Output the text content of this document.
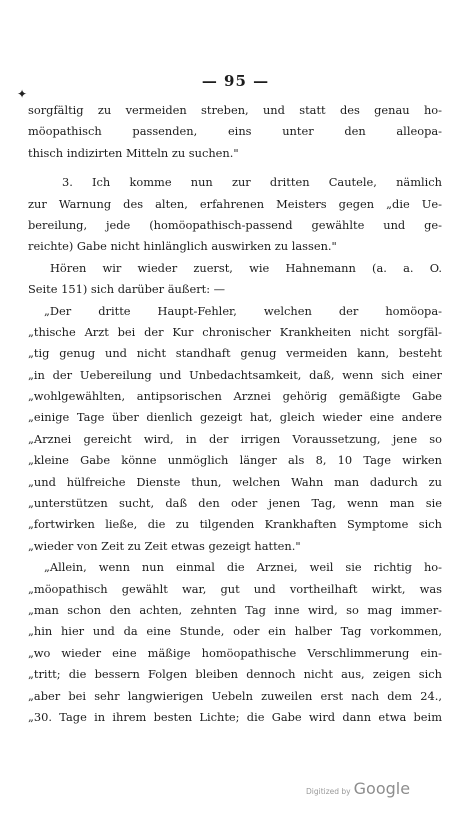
✦
— 95 —
sorgfältig zu vermeiden streben, und statt des genau ho-
möopathisch passenden, eins unter den alleopa-
thisch indizirten Mitteln zu suchen."
3. Ich komme nun zur dritten Cautele, nämlich
zur Warnung des alten, erfahrenen Meisters gegen „die Ue-
bereilung, jede (homöopathisch-passend gewählte und ge-
reichte) Gabe nicht hinlänglich auswirken zu lassen."
Hören wir wieder zuerst, wie Hahnemann (a. a. O.
Seite 151) sich darüber äußert: —
„Der dritte Haupt-Fehler, welchen der homöopa-
„thische Arzt bei der Kur chronischer Krankheiten nicht sorgfäl-
„tig genug und nicht standhaft genug vermeiden kann, besteht
„in der Uebereilung und Unbedachtsamkeit, daß, wenn sich einer
„wohlgewählten, antipsorischen Arznei gehörig gemäßigte Gabe
„einige Tage über dienlich gezeigt hat, gleich wieder eine andere
„Arznei gereicht wird, in der irrigen Voraussetzung, jene so
„kleine Gabe könne unmöglich länger als 8, 10 Tage wirken
„und hülfreiche Dienste thun, welchen Wahn man dadurch zu
„unterstützen sucht, daß den oder jenen Tag, wenn man sie
„fortwirken ließe, die zu tilgenden Krankhaften Symptome sich
„wieder von Zeit zu Zeit etwas gezeigt hatten."
„Allein, wenn nun einmal die Arznei, weil sie richtig ho-
„möopathisch gewählt war, gut und vortheilhaft wirkt, was
„man schon den achten, zehnten Tag inne wird, so mag immer-
„hin hier und da eine Stunde, oder ein halber Tag vorkommen,
„wo wieder eine mäßige homöopathische Verschlimmerung ein-
„tritt; die bessern Folgen bleiben dennoch nicht aus, zeigen sich
„aber bei sehr langwierigen Uebeln zuweilen erst nach dem 24.,
„30. Tage in ihrem besten Lichte; die Gabe wird dann etwa beim
Digitized by Google
